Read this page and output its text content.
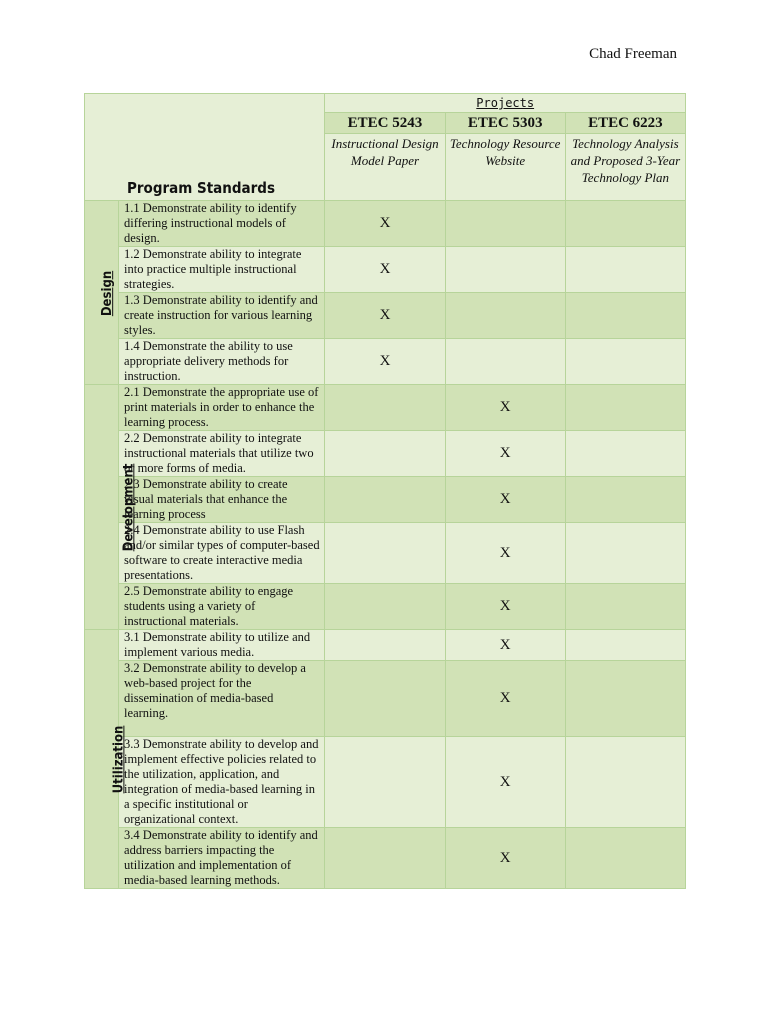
Chad Freeman
Program Standards		Projects		
		ETEC 5243	ETEC 5303	ETEC 6223
		Instructional Design Model Paper	Technology Resource Website	Technology Analysis and Proposed 3-Year Technology Plan
Design	1.1 Demonstrate ability to identify differing instructional models of design.	X		
	1.2 Demonstrate ability to integrate into practice multiple instructional strategies.	X		
	1.3 Demonstrate ability to identify and create instruction for various learning styles.	X		
	1.4 Demonstrate the ability to use appropriate delivery methods for instruction.	X		
Development	2.1 Demonstrate the appropriate use of print materials in order to enhance the learning process.		X	
	2.2 Demonstrate ability to integrate instructional materials that utilize two or more forms of media.		X	
	2.3 Demonstrate ability to create visual materials that enhance the learning process		X	
	2.4 Demonstrate ability to use Flash and/or similar types of computer-based software to create interactive media presentations.		X	
	2.5 Demonstrate ability to engage students using a variety of instructional materials.		X	
Utilization	3.1 Demonstrate ability to utilize and implement various media.		X	
	3.2 Demonstrate ability to develop a web-based project for the dissemination of media-based learning.		X	
	3.3 Demonstrate ability to develop and implement effective policies related to the utilization, application, and integration of media-based learning in a specific institutional or organizational context.		X	
	3.4 Demonstrate ability to identify and address barriers impacting the utilization and implementation of media-based learning methods.		X	
